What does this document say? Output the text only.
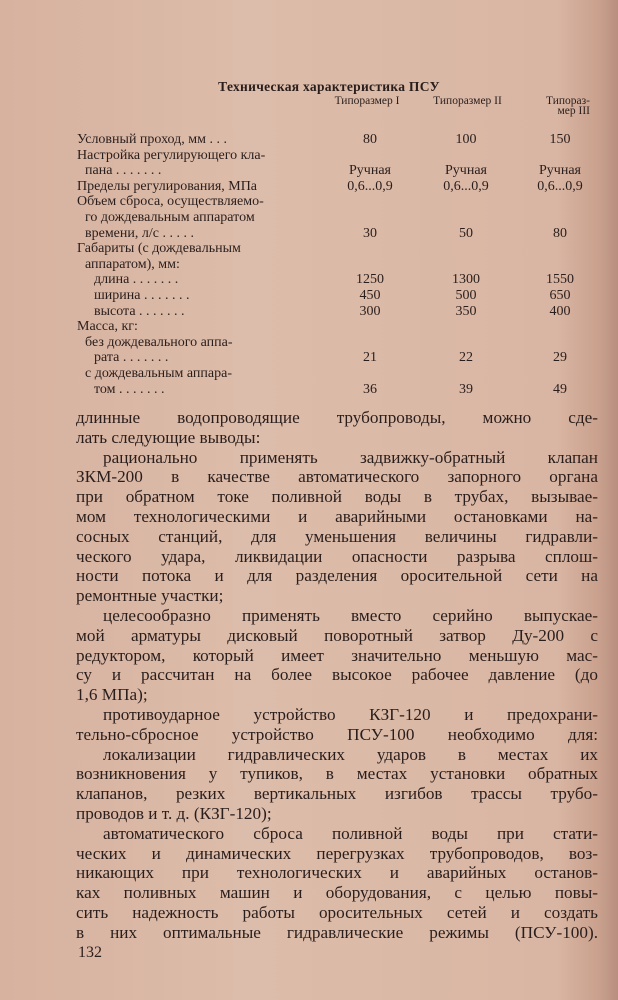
Техническая характеристика ПСУ
Типоразмер I	Типоразмер II	Типораз-
мер III
Условный проход, мм . . .	80	100	150
Настройка регулирующего кла-
пана . . . . . . .	Ручная	Ручная	Ручная
Пределы регулирования, МПа	0,6...0,9	0,6...0,9	0,6...0,9
Объем сброса, осуществляемо-
го дождевальным аппаратом
времени, л/с . . . . .	30	50	80
Габариты (с дождевальным
аппаратом), мм:
длина . . . . . . .	1250	1300	1550
ширина . . . . . . .	450	500	650
высота . . . . . . .	300	350	400
Масса, кг:
без дождевального аппа-
рата . . . . . . .	21	22	29
с дождевальным аппара-
том . . . . . . .	36	39	49
длинные водопроводящие трубопроводы, можно сде-
лать следующие выводы:
рационально применять задвижку-обратный клапан
ЗКМ-200 в качестве автоматического запорного органа
при обратном токе поливной воды в трубах, вызывае-
мом технологическими и аварийными остановками на-
сосных станций, для уменьшения величины гидравли-
ческого удара, ликвидации опасности разрыва сплош-
ности потока и для разделения оросительной сети на
ремонтные участки;
целесообразно применять вместо серийно выпускае-
мой арматуры дисковый поворотный затвор Ду-200 с
редуктором, который имеет значительно меньшую мас-
су и рассчитан на более высокое рабочее давление (до
1,6 МПа);
противоударное устройство КЗГ-120 и предохрани-
тельно-сбросное устройство ПСУ-100 необходимо для:
локализации гидравлических ударов в местах их
возникновения у тупиков, в местах установки обратных
клапанов, резких вертикальных изгибов трассы трубо-
проводов и т. д. (КЗГ-120);
автоматического сброса поливной воды при стати-
ческих и динамических перегрузках трубопроводов, воз-
никающих при технологических и аварийных останов-
ках поливных машин и оборудования, с целью повы-
сить надежность работы оросительных сетей и создать
в них оптимальные гидравлические режимы (ПСУ-100).
132
